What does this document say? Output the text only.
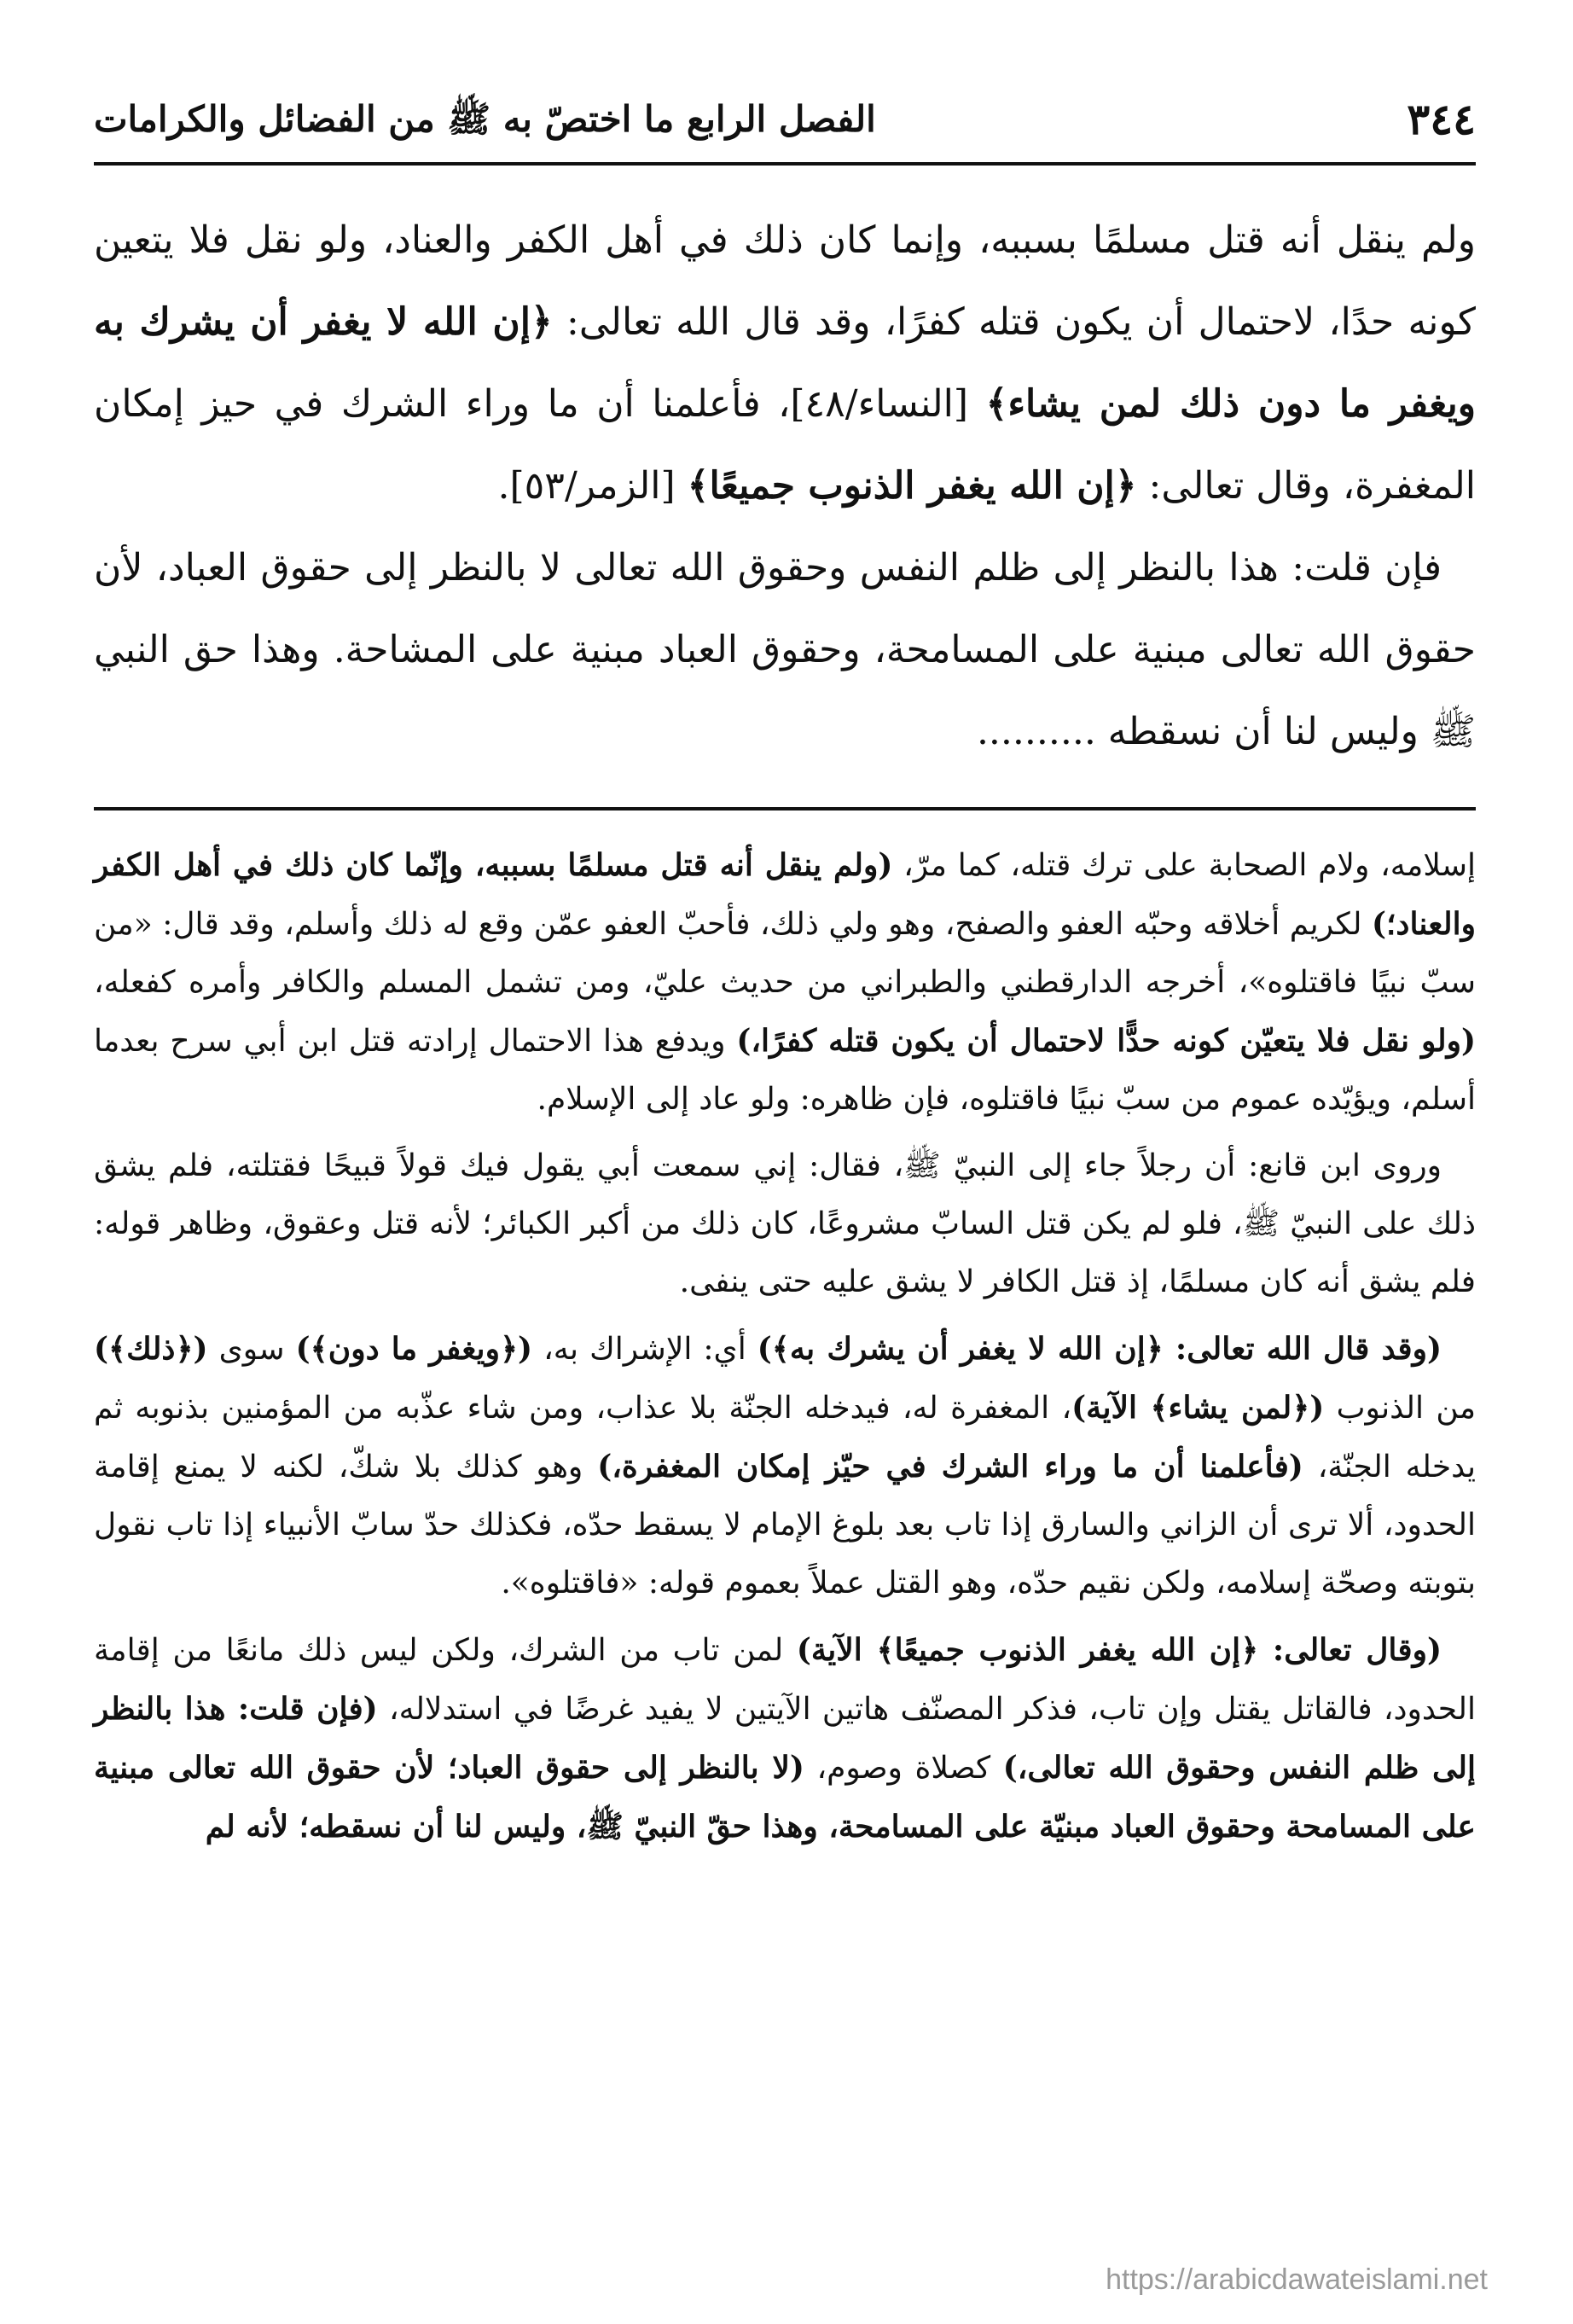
٣٤٤
الفصل الرابع ما اختصّ به ﷺ من الفضائل والكرامات

ولم ينقل أنه قتل مسلمًا بسببه، وإنما كان ذلك في أهل الكفر والعناد، ولو نقل فلا يتعين كونه حدًا، لاحتمال أن يكون قتله كفرًا، وقد قال الله تعالى: ﴿إن الله لا يغفر أن يشرك به ويغفر ما دون ذلك لمن يشاء﴾ [النساء/٤٨]، فأعلمنا أن ما وراء الشرك في حيز إمكان المغفرة، وقال تعالى: ﴿إن الله يغفر الذنوب جميعًا﴾ [الزمر/٥٣].

فإن قلت: هذا بالنظر إلى ظلم النفس وحقوق الله تعالى لا بالنظر إلى حقوق العباد، لأن حقوق الله تعالى مبنية على المسامحة، وحقوق العباد مبنية على المشاحة. وهذا حق النبي ﷺ وليس لنا أن نسقطه ..........

إسلامه، ولام الصحابة على ترك قتله، كما مرّ، (ولم ينقل أنه قتل مسلمًا بسببه، وإنّما كان ذلك في أهل الكفر والعناد؛) لكريم أخلاقه وحبّه العفو والصفح، وهو ولي ذلك، فأحبّ العفو عمّن وقع له ذلك وأسلم، وقد قال: «من سبّ نبيًا فاقتلوه»، أخرجه الدارقطني والطبراني من حديث عليّ، ومن تشمل المسلم والكافر وأمره كفعله، (ولو نقل فلا يتعيّن كونه حدًّا لاحتمال أن يكون قتله كفرًا،) ويدفع هذا الاحتمال إرادته قتل ابن أبي سرح بعدما أسلم، ويؤيّده عموم من سبّ نبيًا فاقتلوه، فإن ظاهره: ولو عاد إلى الإسلام.

وروى ابن قانع: أن رجلاً جاء إلى النبيّ ﷺ، فقال: إني سمعت أبي يقول فيك قولاً قبيحًا فقتلته، فلم يشق ذلك على النبيّ ﷺ، فلو لم يكن قتل السابّ مشروعًا، كان ذلك من أكبر الكبائر؛ لأنه قتل وعقوق، وظاهر قوله: فلم يشق أنه كان مسلمًا، إذ قتل الكافر لا يشق عليه حتى ينفى.

(وقد قال الله تعالى: ﴿إن الله لا يغفر أن يشرك به﴾) أي: الإشراك به، (﴿ويغفر ما دون﴾) سوى (﴿ذلك﴾) من الذنوب (﴿لمن يشاء﴾ الآية)، المغفرة له، فيدخله الجنّة بلا عذاب، ومن شاء عذّبه من المؤمنين بذنوبه ثم يدخله الجنّة، (فأعلمنا أن ما وراء الشرك في حيّز إمكان المغفرة،) وهو كذلك بلا شكّ، لكنه لا يمنع إقامة الحدود، ألا ترى أن الزاني والسارق إذا تاب بعد بلوغ الإمام لا يسقط حدّه، فكذلك حدّ سابّ الأنبياء إذا تاب نقول بتوبته وصحّة إسلامه، ولكن نقيم حدّه، وهو القتل عملاً بعموم قوله: «فاقتلوه».

(وقال تعالى: ﴿إن الله يغفر الذنوب جميعًا﴾ الآية) لمن تاب من الشرك، ولكن ليس ذلك مانعًا من إقامة الحدود، فالقاتل يقتل وإن تاب، فذكر المصنّف هاتين الآيتين لا يفيد غرضًا في استدلاله، (فإن قلت: هذا بالنظر إلى ظلم النفس وحقوق الله تعالى،) كصلاة وصوم، (لا بالنظر إلى حقوق العباد؛ لأن حقوق الله تعالى مبنية على المسامحة وحقوق العباد مبنيّة على المسامحة، وهذا حقّ النبيّ ﷺ، وليس لنا أن نسقطه؛ لأنه لم

https://arabicdawateislami.net
